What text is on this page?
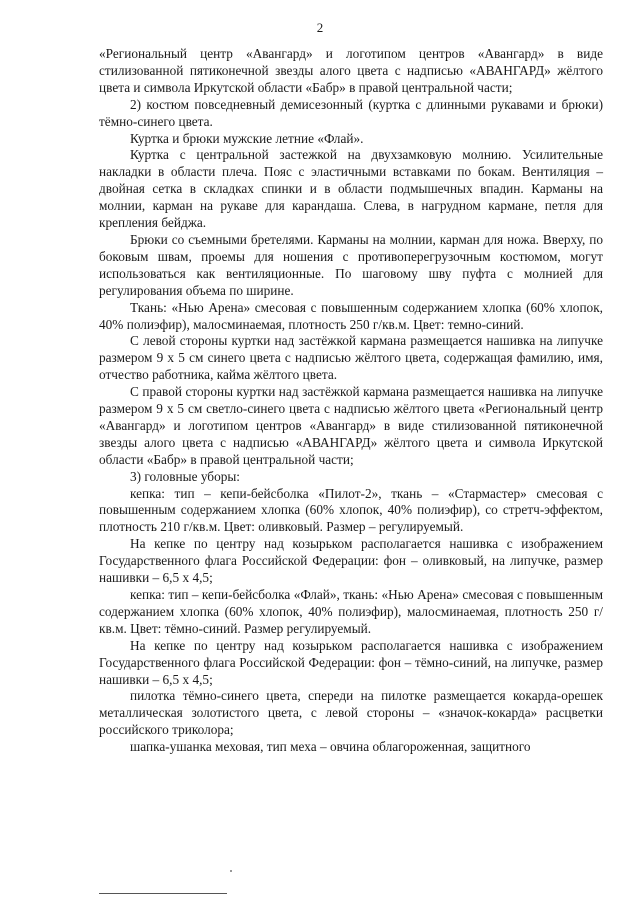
2

«Региональный центр «Авангард» и логотипом центров «Авангард» в виде стилизованной пятиконечной звезды алого цвета с надписью «АВАНГАРД» жёлтого цвета и символа Иркутской области «Бабр» в правой центральной части;

2) костюм повседневный демисезонный (куртка с длинными рукавами и брюки) тёмно-синего цвета.

Куртка и брюки мужские летние «Флай».

Куртка с центральной застежкой на двухзамковую молнию. Усилительные накладки в области плеча. Пояс с эластичными вставками по бокам. Вентиляция – двойная сетка в складках спинки и в области подмышечных впадин. Карманы на молнии, карман на рукаве для карандаша. Слева, в нагрудном кармане, петля для крепления бейджа.

Брюки со съемными бретелями. Карманы на молнии, карман для ножа. Вверху, по боковым швам, проемы для ношения с противоперегрузочным костюмом, могут использоваться как вентиляционные. По шаговому шву пуфта с молнией для регулирования объема по ширине.

Ткань: «Нью Арена» смесовая с повышенным содержанием хлопка (60% хлопок, 40% полиэфир), малосминаемая, плотность 250 г/кв.м. Цвет: темно-синий.

С левой стороны куртки над застёжкой кармана размещается нашивка на липучке размером 9 х 5 см синего цвета с надписью жёлтого цвета, содержащая фамилию, имя, отчество работника, кайма жёлтого цвета.

С правой стороны куртки над застёжкой кармана размещается нашивка на липучке размером 9 х 5 см светло-синего цвета с надписью жёлтого цвета «Региональный центр «Авангард» и логотипом центров «Авангард» в виде стилизованной пятиконечной звезды алого цвета с надписью «АВАНГАРД» жёлтого цвета и символа Иркутской области «Бабр» в правой центральной части;

3) головные уборы:

кепка: тип – кепи-бейсболка «Пилот-2», ткань – «Стармастер» смесовая с повышенным содержанием хлопка (60% хлопок, 40% полиэфир), со стретч-эффектом, плотность 210 г/кв.м. Цвет: оливковый. Размер – регулируемый.

На кепке по центру над козырьком располагается нашивка с изображением Государственного флага Российской Федерации: фон – оливковый, на липучке, размер нашивки – 6,5 х 4,5;

кепка: тип – кепи-бейсболка «Флай», ткань: «Нью Арена» смесовая с повышенным содержанием хлопка (60% хлопок, 40% полиэфир), малосминаемая, плотность 250 г/кв.м. Цвет: тёмно-синий. Размер регулируемый.

На кепке по центру над козырьком располагается нашивка с изображением Государственного флага Российской Федерации: фон – тёмно-синий, на липучке, размер нашивки – 6,5 х 4,5;

пилотка тёмно-синего цвета, спереди на пилотке размещается кокарда-орешек металлическая золотистого цвета, с левой стороны – «значок-кокарда» расцветки российского триколора;

шапка-ушанка меховая, тип меха – овчина облагороженная, защитного
